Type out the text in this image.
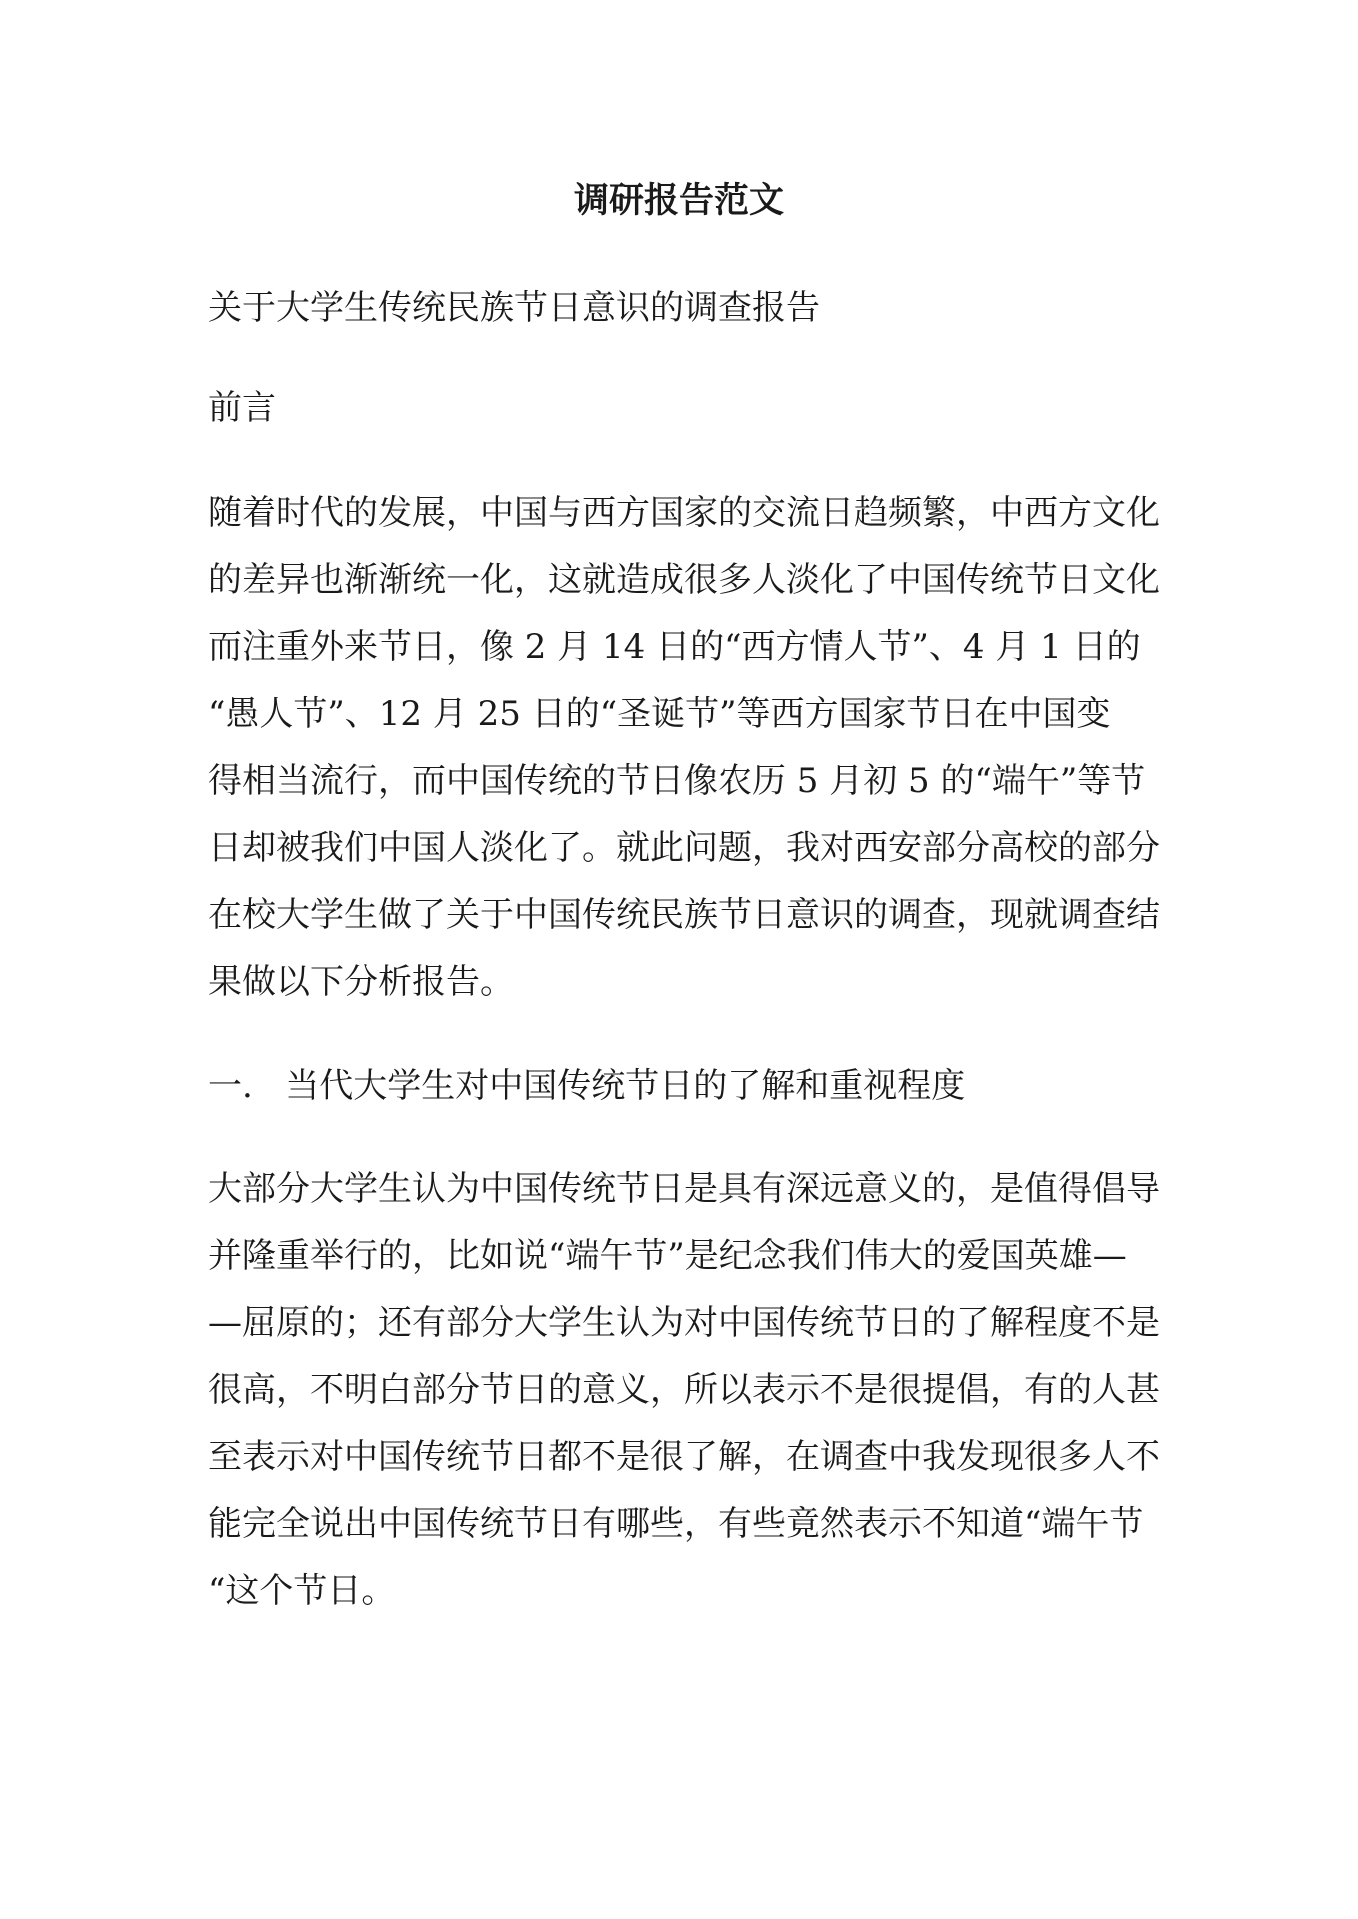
调研报告范文

关于大学生传统民族节日意识的调查报告

前言

随着时代的发展，中国与西方国家的交流日趋频繁，中西方文化

的差异也渐渐统一化，这就造成很多人淡化了中国传统节日文化

而注重外来节日，像 2 月 14 日的“西方情人节”、4 月 1 日的

“愚人节”、12 月 25 日的“圣诞节”等西方国家节日在中国变

得相当流行，而中国传统的节日像农历 5 月初 5 的“端午”等节

日却被我们中国人淡化了。就此问题，我对西安部分高校的部分

在校大学生做了关于中国传统民族节日意识的调查，现就调查结

果做以下分析报告。

一.   当代大学生对中国传统节日的了解和重视程度

大部分大学生认为中国传统节日是具有深远意义的，是值得倡导

并隆重举行的，比如说“端午节”是纪念我们伟大的爱国英雄—

—屈原的；还有部分大学生认为对中国传统节日的了解程度不是

很高，不明白部分节日的意义，所以表示不是很提倡，有的人甚

至表示对中国传统节日都不是很了解，在调查中我发现很多人不

能完全说出中国传统节日有哪些，有些竟然表示不知道“端午节

“这个节日。
